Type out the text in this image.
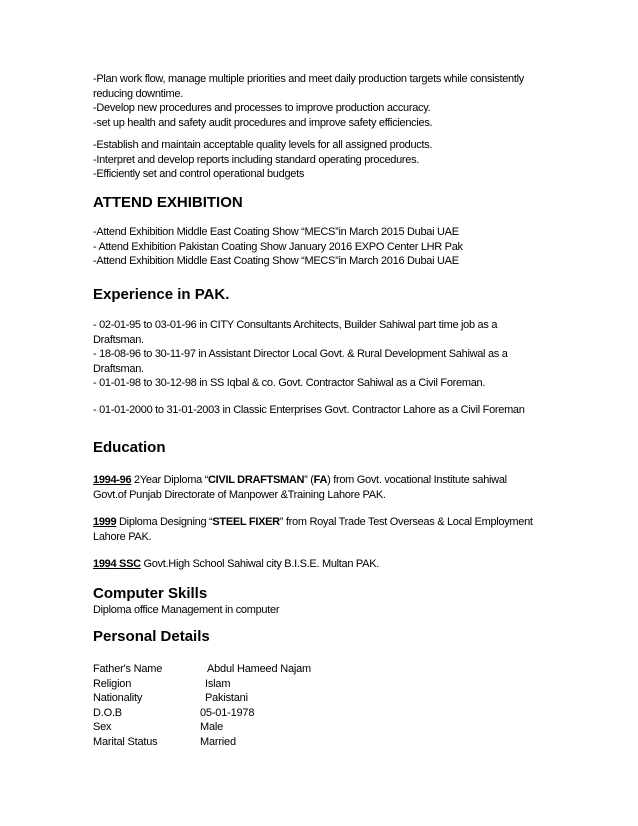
-Plan work flow, manage multiple priorities and meet daily production targets while consistently
reducing downtime.
-Develop new procedures and processes to improve production accuracy.
-set up health and safety audit procedures and improve safety efficiencies.
-Establish and maintain acceptable quality levels for all assigned products.
-Interpret and develop reports including standard operating procedures.
-Efficiently set and control operational budgets
ATTEND EXHIBITION
-Attend Exhibition Middle East Coating Show “MECS”in March 2015 Dubai UAE
- Attend Exhibition Pakistan Coating Show January 2016 EXPO Center LHR Pak
-Attend Exhibition Middle East Coating Show “MECS”in March 2016 Dubai UAE
Experience in PAK.
- 02-01-95 to 03-01-96 in CITY Consultants Architects, Builder Sahiwal part time job as a
Draftsman.
- 18-08-96 to 30-11-97 in Assistant Director Local Govt. & Rural Development Sahiwal as a
Draftsman.
- 01-01-98 to 30-12-98 in SS Iqbal & co. Govt. Contractor Sahiwal as a Civil Foreman.
- 01-01-2000 to 31-01-2003 in Classic Enterprises Govt. Contractor Lahore as a Civil Foreman
Education
1994-96 2Year Diploma “CIVIL DRAFTSMAN” (FA) from Govt. vocational Institute sahiwal
Govt.of Punjab Directorate of Manpower &Training Lahore PAK.
1999 Diploma Designing “STEEL FIXER” from Royal Trade Test Overseas & Local Employment
Lahore PAK.
1994 SSC Govt.High School Sahiwal city B.I.S.E. Multan PAK.
Computer Skills
Diploma office Management in computer
Personal Details
Father's Name	Abdul Hameed Najam
Religion	Islam
Nationality	Pakistani
D.O.B	05-01-1978
Sex	Male
Marital Status	Married
